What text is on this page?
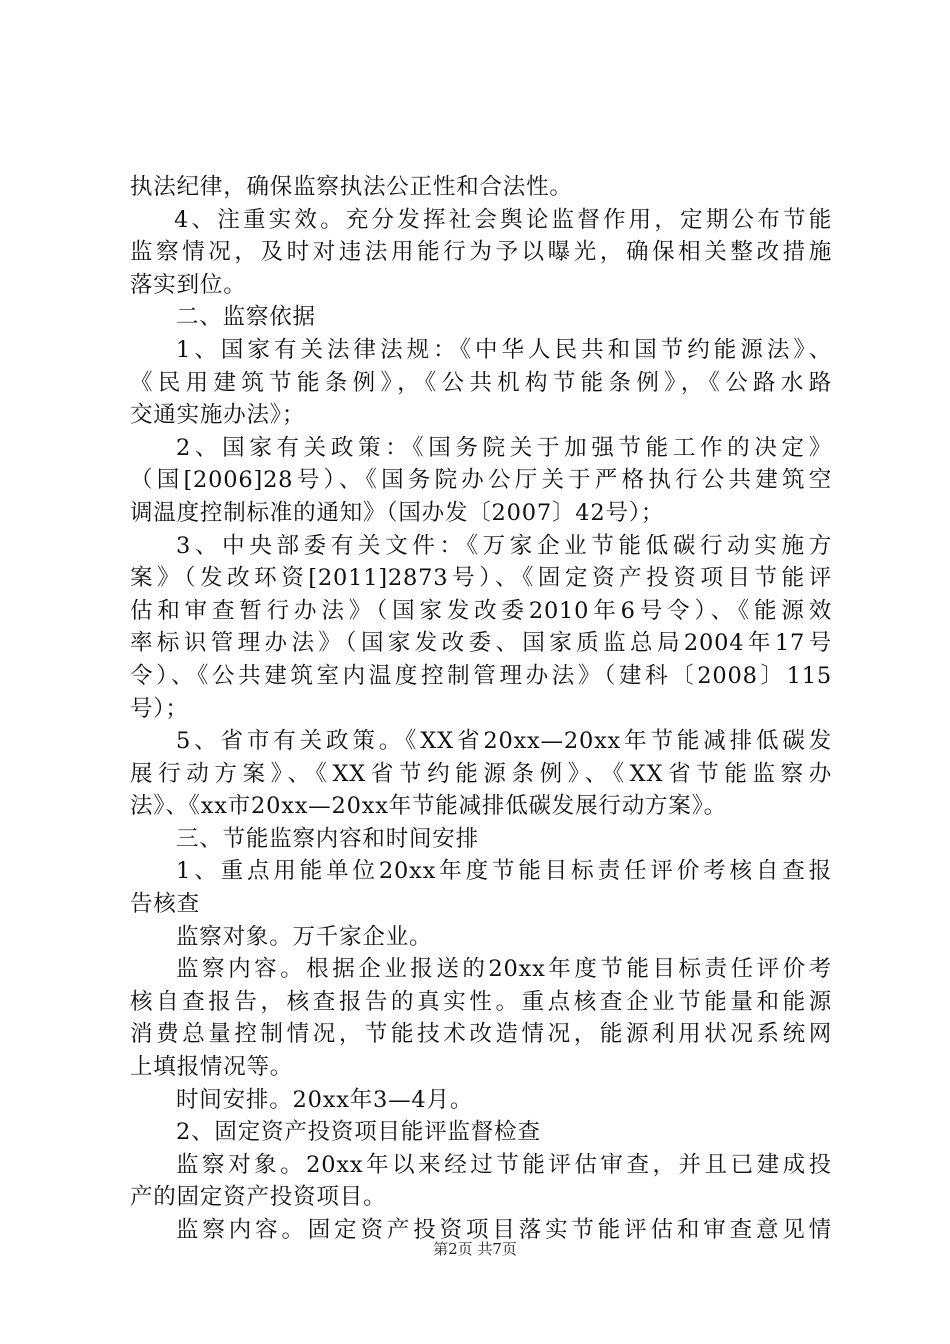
执法纪律，确保监察执法公正性和合法性。
4、注重实效。充分发挥社会舆论监督作用，定期公布节能
监察情况，及时对违法用能行为予以曝光，确保相关整改措施
落实到位。
二、监察依据
1、国家有关法律法规：《中华人民共和国节约能源法》、
《民用建筑节能条例》，《公共机构节能条例》，《公路水路
交通实施办法》；
2、国家有关政策：《国务院关于加强节能工作的决定》
（国[2006]28号）、《国务院办公厅关于严格执行公共建筑空
调温度控制标准的通知》（国办发〔2007〕42号）；
3、中央部委有关文件：《万家企业节能低碳行动实施方
案》（发改环资[2011]2873号）、《固定资产投资项目节能评
估和审查暂行办法》（国家发改委2010年6号令）、《能源效
率标识管理办法》（国家发改委、国家质监总局2004年17号
令）、《公共建筑室内温度控制管理办法》（建科〔2008〕115
号）；
5、省市有关政策。《XX省20xx—20xx年节能减排低碳发
展行动方案》、《XX省节约能源条例》、《XX省节能监察办
法》、《xx市20xx—20xx年节能减排低碳发展行动方案》。
三、节能监察内容和时间安排
1、重点用能单位20xx年度节能目标责任评价考核自查报
告核查
监察对象。万千家企业。
监察内容。根据企业报送的20xx年度节能目标责任评价考
核自查报告，核查报告的真实性。重点核查企业节能量和能源
消费总量控制情况，节能技术改造情况，能源利用状况系统网
上填报情况等。
时间安排。20xx年3—4月。
2、固定资产投资项目能评监督检查
监察对象。20xx年以来经过节能评估审查，并且已建成投
产的固定资产投资项目。
监察内容。固定资产投资项目落实节能评估和审查意见情
第2页 共7页
